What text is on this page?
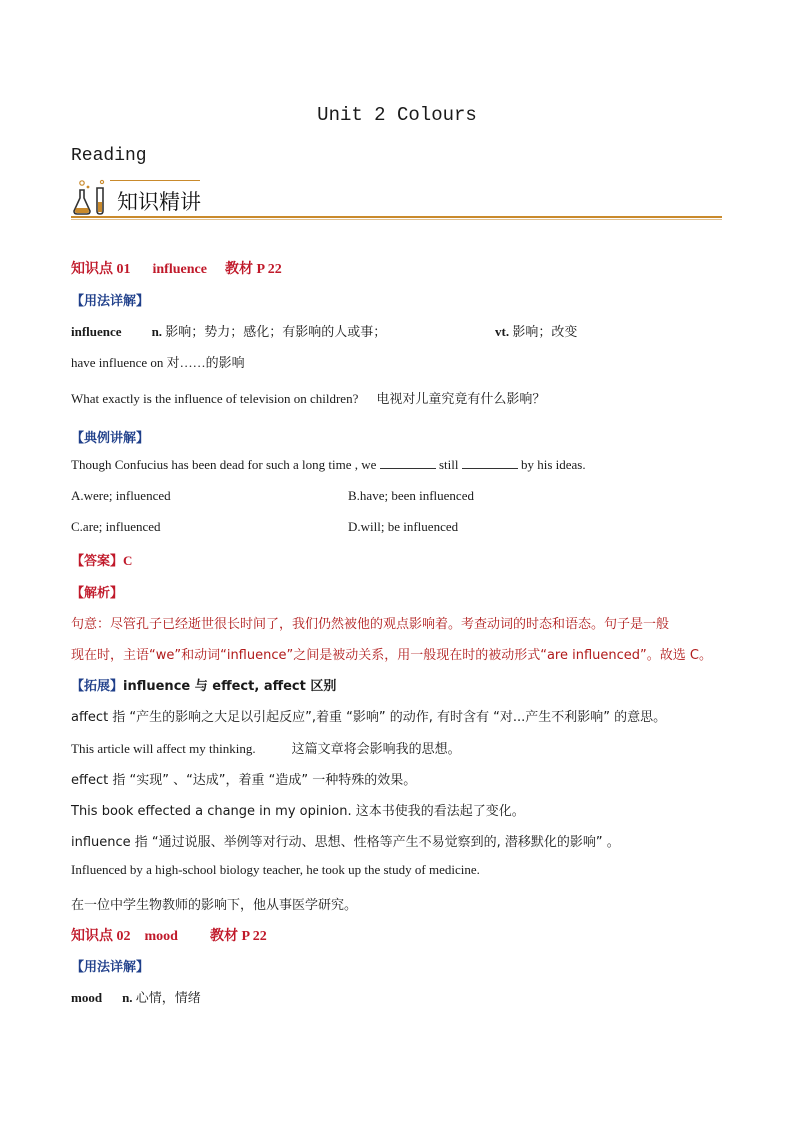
Unit 2 Colours
Reading
知识精讲
知识点 01 influence 教材 P 22
【用法详解】
influence n. 影响；势力；感化；有影响的人或事；	vt. 影响；改变
have influence on 对……的影响
What exactly is the influence of television on children? 电视对儿童究竟有什么影响？
【典例讲解】
Though Confucius has been dead for such a long time , we	still	by his ideas.
A.were; influenced	B.have; been influenced
C.are; influenced	D.will; be influenced
【答案】C
【解析】
句意：尽管孔子已经逝世很长时间了，我们仍然被他的观点影响着。考查动词的时态和语态。句子是一般
现在时，主语“we”和动词“influence”之间是被动关系，用一般现在时的被动形式“are influenced”。故选 C。
【拓展】influence 与 effect, affect 区别
affect 指 “产生的影响之大足以引起反应”,着重 “影响” 的动作, 有时含有 “对...产生不利影响” 的意思。
This article will affect my thinking.	这篇文章将会影响我的思想。
effect 指 “实现” 、“达成”，着重 “造成” 一种特殊的效果。
This book effected a change in my opinion. 这本书使我的看法起了变化。
influence 指 “通过说服、举例等对行动、思想、性格等产生不易觉察到的, 潜移默化的影响” 。
Influenced by a high-school biology teacher, he took up the study of medicine.
在一位中学生物教师的影响下，他从事医学研究。
知识点 02 mood 教材 P 22
【用法详解】
mood n. 心情，情绪
